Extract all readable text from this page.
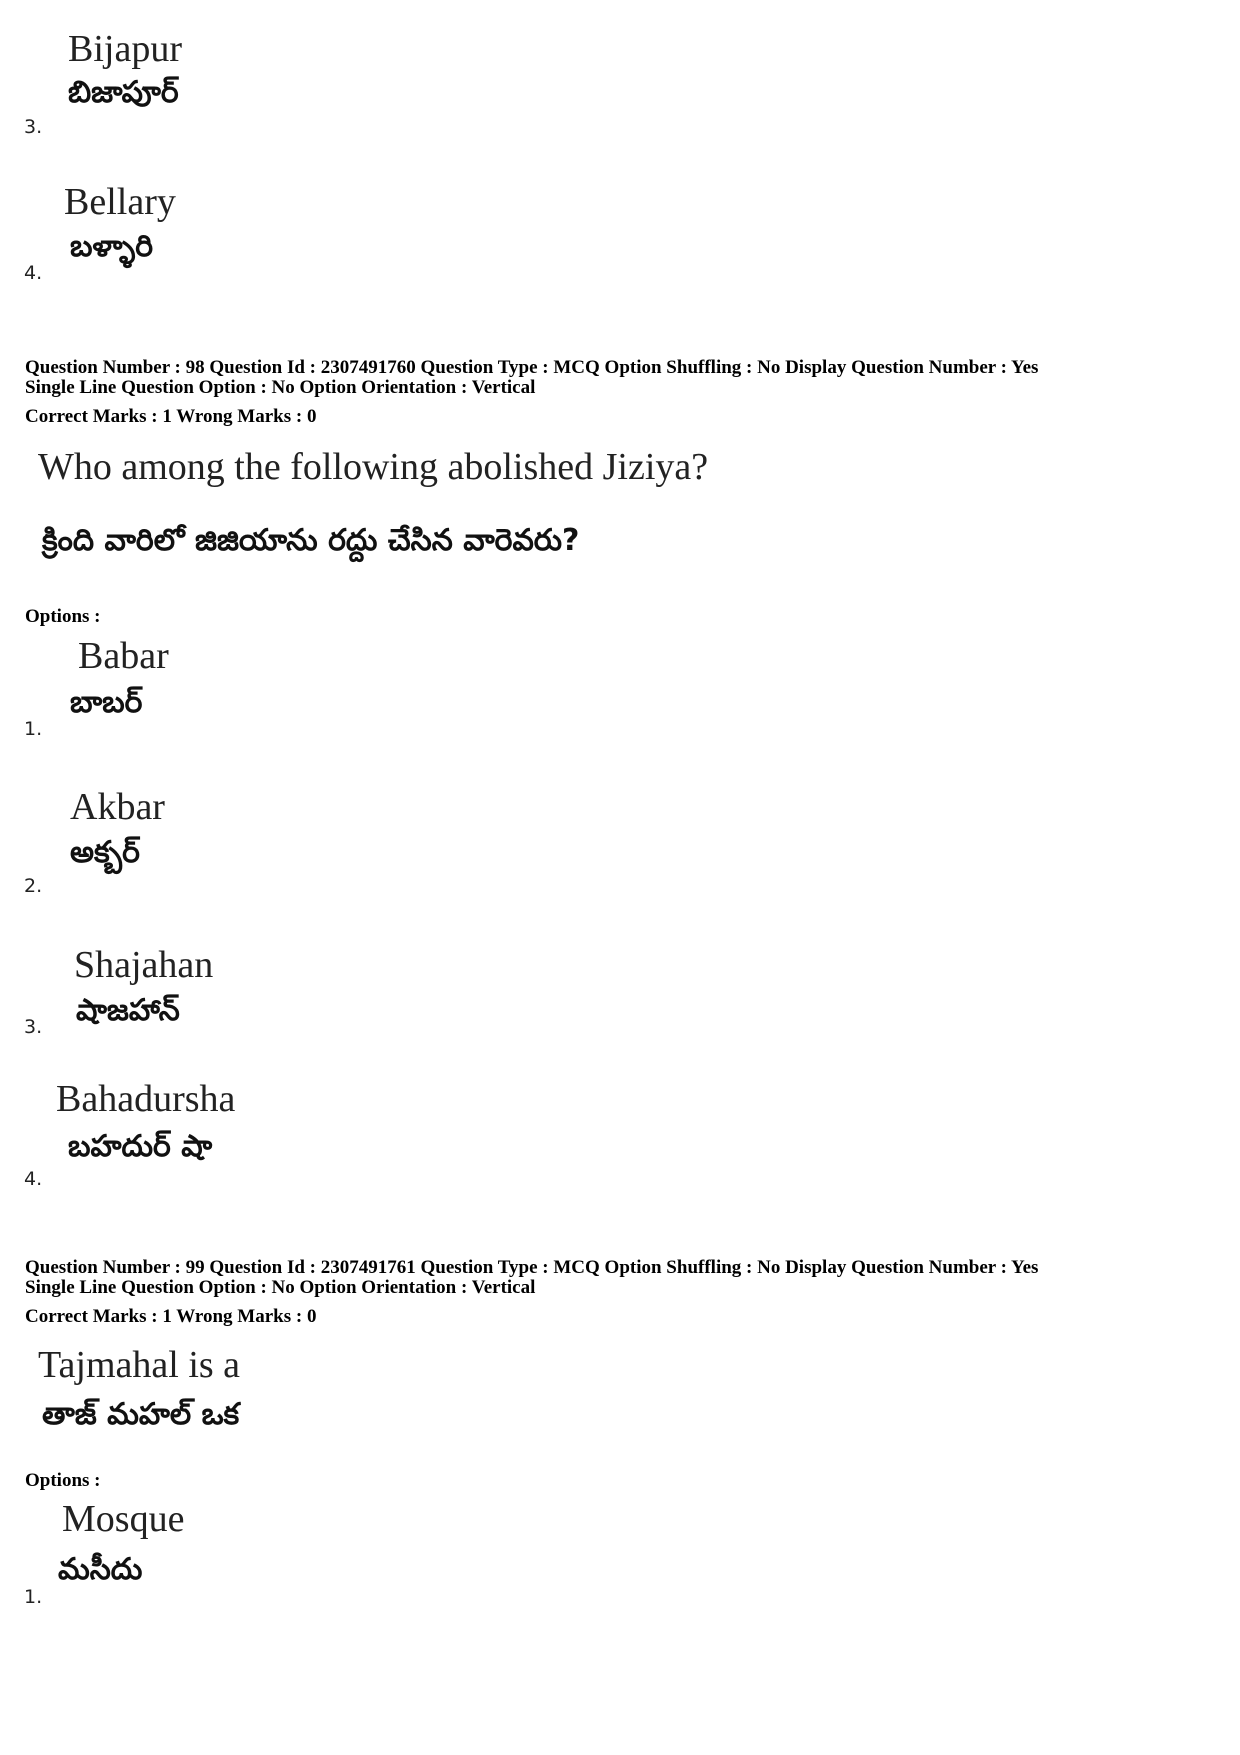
Bijapur
బిజాపూర్
3.
Bellary
బళ్ళారి
4.
Question Number : 98 Question Id : 2307491760 Question Type : MCQ Option Shuffling : No Display Question Number : Yes
Single Line Question Option : No Option Orientation : Vertical
Correct Marks : 1 Wrong Marks : 0
Who among the following abolished Jiziya?
క్రింది వారిలో జిజియాను రద్దు చేసిన వారెవరు?
Options :
Babar
బాబర్
1.
Akbar
అక్బర్
2.
Shajahan
షాజహాన్
3.
Bahadursha
బహదుర్ షా
4.
Question Number : 99 Question Id : 2307491761 Question Type : MCQ Option Shuffling : No Display Question Number : Yes
Single Line Question Option : No Option Orientation : Vertical
Correct Marks : 1 Wrong Marks : 0
Tajmahal is a
తాజ్ మహల్ ఒక
Options :
Mosque
మసీదు
1.
